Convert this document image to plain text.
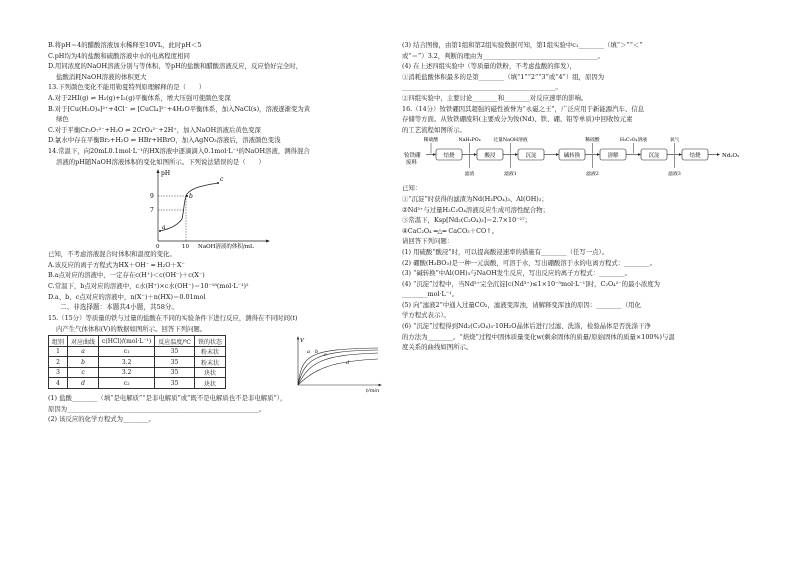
B.将pH＝4的醋酸溶液加水稀释至10VL，此时pH＜5
C.pH均为4的盐酸和硫酸溶液中水的电离程度相同
D.用同浓度的NaOH溶液分别与等体积、等pH的盐酸和醋酸溶液反应，反应恰好完全时，
盐酸消耗NaOH溶液的体积更大
13.下列颜色变化不能用勒夏特列原理解释的是（　　）
A.对于2HI(g) ⇌ H₂(g)+I₂(g)平衡体系，增大压强可使颜色变深
B.对于[Cu(H₂O)₄]²⁺+4Cl⁻ ⇌ [CuCl₄]²⁻+4H₂O平衡体系，加入NaCl(s)，溶液逐渐变为黄
绿色
C.对于平衡Cr₂O₇²⁻+H₂O ⇌ 2CrO₄²⁻+2H⁺，加入NaOH溶液后黄色变深
D.氯水中存在平衡Br₂+H₂O ⇌ HBr+HBrO，加入AgNO₃溶液后，溶液颜色变浅
14.常温下，向20mL0.1mol·L⁻¹的HX溶液中逐滴滴入0.1mol·L⁻¹的NaOH溶液，测得混合
溶液的pH随NaOH溶液体积的变化如图所示。下列说法错误的是（　　）
pH
9
7
a
b
c
0	10 NaOH溶液的体积/mL
已知，不考虑溶液混合时体积和温度的变化。
A.该反应的离子方程式为HX＋OH⁻ ═ H₂O＋X⁻
B.a点对应的溶液中，一定存在c(H⁺)＜c(OH⁻)＋c(X⁻)
C.常温下，b点对应的溶液中，c水(H⁺)×c水(OH⁻)＝10⁻¹⁸(mol·L⁻¹)²
D.a、b、c点对应的溶液中，n(X⁻)＋n(HX)＝0.01mol
二、非选择题：本题共4小题，共58分。
15.（15分）等质量的铁与过量的盐酸在不同的实验条件下进行反应，测得在不同时间(t)
内产生气体体积(V)的数据如图所示。回答下列问题。
组别	对应曲线	c(HCl)/(mol·L⁻¹)	反应温度/℃	铁的状态
1	a	c₁	35	粉末状
2	b	3.2	35	粉末状
3	c	3.2	35	块状
4	d	c₂	35	块状
V
t/min
a b c
d
(1) 盐酸________（填“是电解质”“是非电解质”或“既不是电解质也不是非电解质”），
原因为____________________________________________________________。
(2) 该反应的化学方程式为________。
(3) 结合图像，由第1组和第2组实验数据可知，第1组实验中c₁________（填“＞”“＜”
或“＝”）3.2，判断的理由为____________________________________。
(4) 在上述四组实验中（等质量的铁粉，不考虑盐酸的挥发），
①消耗盐酸体积最多的是第________（填“1”“2”“3”或“4”）组，原因为
________________________________________________。
②四组实验中，主要讨论________和________对反应速率的影响。
16.（14分）钕铁硼因其超强的磁性被誉为“永磁之王”，广泛应用于新能源汽车、信息
存储等方面。从钕铁硼废料(主要成分为钕(Nd)、铁、硼、铅等单质)中回收钕元素
的工艺流程如图所示。
钕铁硼 废料
焙烧
稀硫酸
滤渣
酸浸
NaH₂PO₄
滤液1
沉淀
过量NaOH溶液
碱转换
滤液2
溶解
稀硫酸
沉淀
H₂C₂O₄溶液
滤液3
焙烧
氧气
Nd₂O₃
已知：
①“沉淀”时获得的滤渣为Nd(H₂PO₄)₃、Al(OH)₃；
②Nd³⁺与过量H₂C₂O₄溶液反应生成可溶性配合物；
③常温下，Ksp[Nd₂(C₂O₄)₃]＝2.7×10⁻²⁷；
④CaC₂O₄ ═△═ CaCO₃＋CO↑。
请回答下列问题：
(1) 用硫酸“酸浸”时，可以提高酸浸速率的措施有________（任写一点）。
(2) 硼酸(H₃BO₃)是一种一元弱酸，可溶于水，写出硼酸溶于水的电离方程式：________。
(3) “碱转换”中Al(OH)₃与NaOH发生反应，写出反应的离子方程式：________。
(4) “沉淀”过程中，当Nd³⁺完全沉淀[c(Nd³⁺)≤1×10⁻⁵mol·L⁻¹]时，C₂O₄²⁻的最小浓度为
________mol·L⁻¹。
(5) 向“滤液2”中通入过量CO₂，滤液变浑浊，请解释变浑浊的原因：________（用化
学方程式表示）。
(6) “沉淀”过程得到Nd₂(C₂O₄)₃·10H₂O晶体后进行过滤、洗涤，检验晶体是否洗涤干净
的方法为________。“焙烧”过程中固体质量变化w(剩余固体的质量/原始固体的质量×100%)与温
度关系的曲线如图所示。
